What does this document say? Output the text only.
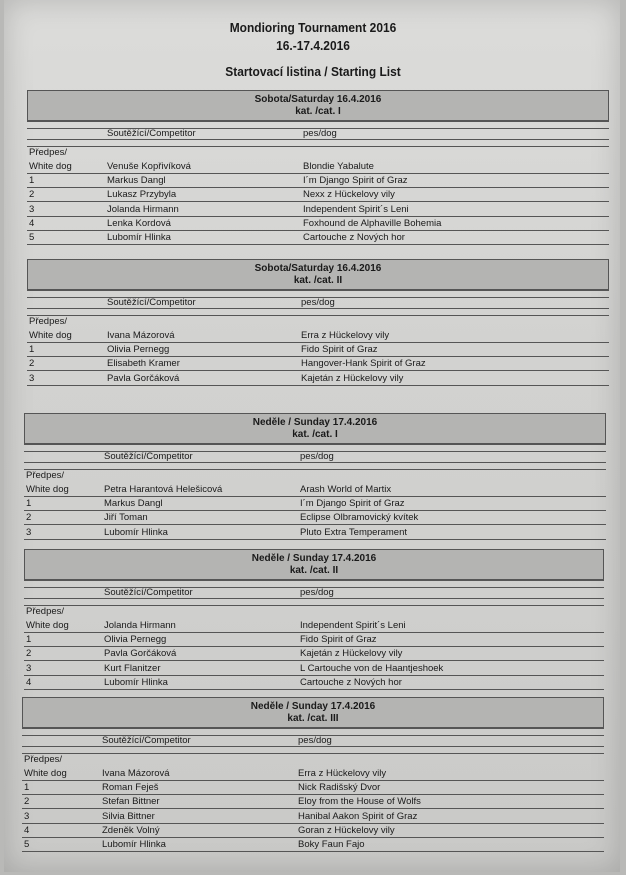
Mondioring Tournament 2016
16.-17.4.2016
Startovací listina / Starting List
Sobota/Saturday 16.4.2016
kat. /cat. I
Soutěžící/Competitor	pes/dog
Předpes/
White dog	Venuše Kopřivíková	Blondie Yabalute
1	Markus Dangl	I´m Django Spirit of Graz
2	Lukasz Przybyla	Nexx z Hückelovy vily
3	Jolanda Hirmann	Independent Spirit´s Leni
4	Lenka Kordová	Foxhound de Alphaville Bohemia
5	Lubomír Hlinka	Cartouche z Nových hor
Sobota/Saturday 16.4.2016
kat. /cat. II
Soutěžící/Competitor	pes/dog
Předpes/
White dog	Ivana Mázorová	Erra z Hückelovy vily
1	Olivia Pernegg	Fido Spirit of Graz
2	Elisabeth Kramer	Hangover-Hank Spirit of Graz
3	Pavla Gorčáková	Kajetán z Hückelovy vily
Neděle / Sunday 17.4.2016
kat. /cat. I
Soutěžící/Competitor	pes/dog
Předpes/
White dog	Petra Harantová Helešicová	Arash World of Martix
1	Markus Dangl	I´m Django Spirit of Graz
2	Jiří Toman	Eclipse Olbramovický kvítek
3	Lubomír Hlinka	Pluto Extra Temperament
Neděle / Sunday 17.4.2016
kat. /cat. II
Soutěžící/Competitor	pes/dog
Předpes/
White dog	Jolanda Hirmann	Independent Spirit´s Leni
1	Olivia Pernegg	Fido Spirit of Graz
2	Pavla Gorčáková	Kajetán z Hückelovy vily
3	Kurt Flanitzer	L Cartouche von de Haantjeshoek
4	Lubomír Hlinka	Cartouche z Nových hor
Neděle / Sunday 17.4.2016
kat. /cat. III
Soutěžící/Competitor	pes/dog
Předpes/
White dog	Ivana Mázorová	Erra z Hückelovy vily
1	Roman Feješ	Nick Radišský Dvor
2	Stefan Bittner	Eloy from the House of Wolfs
3	Silvia Bittner	Hanibal Aakon Spirit of Graz
4	Zdeněk Volný	Goran z Hückelovy vily
5	Lubomír Hlinka	Boky Faun Fajo
